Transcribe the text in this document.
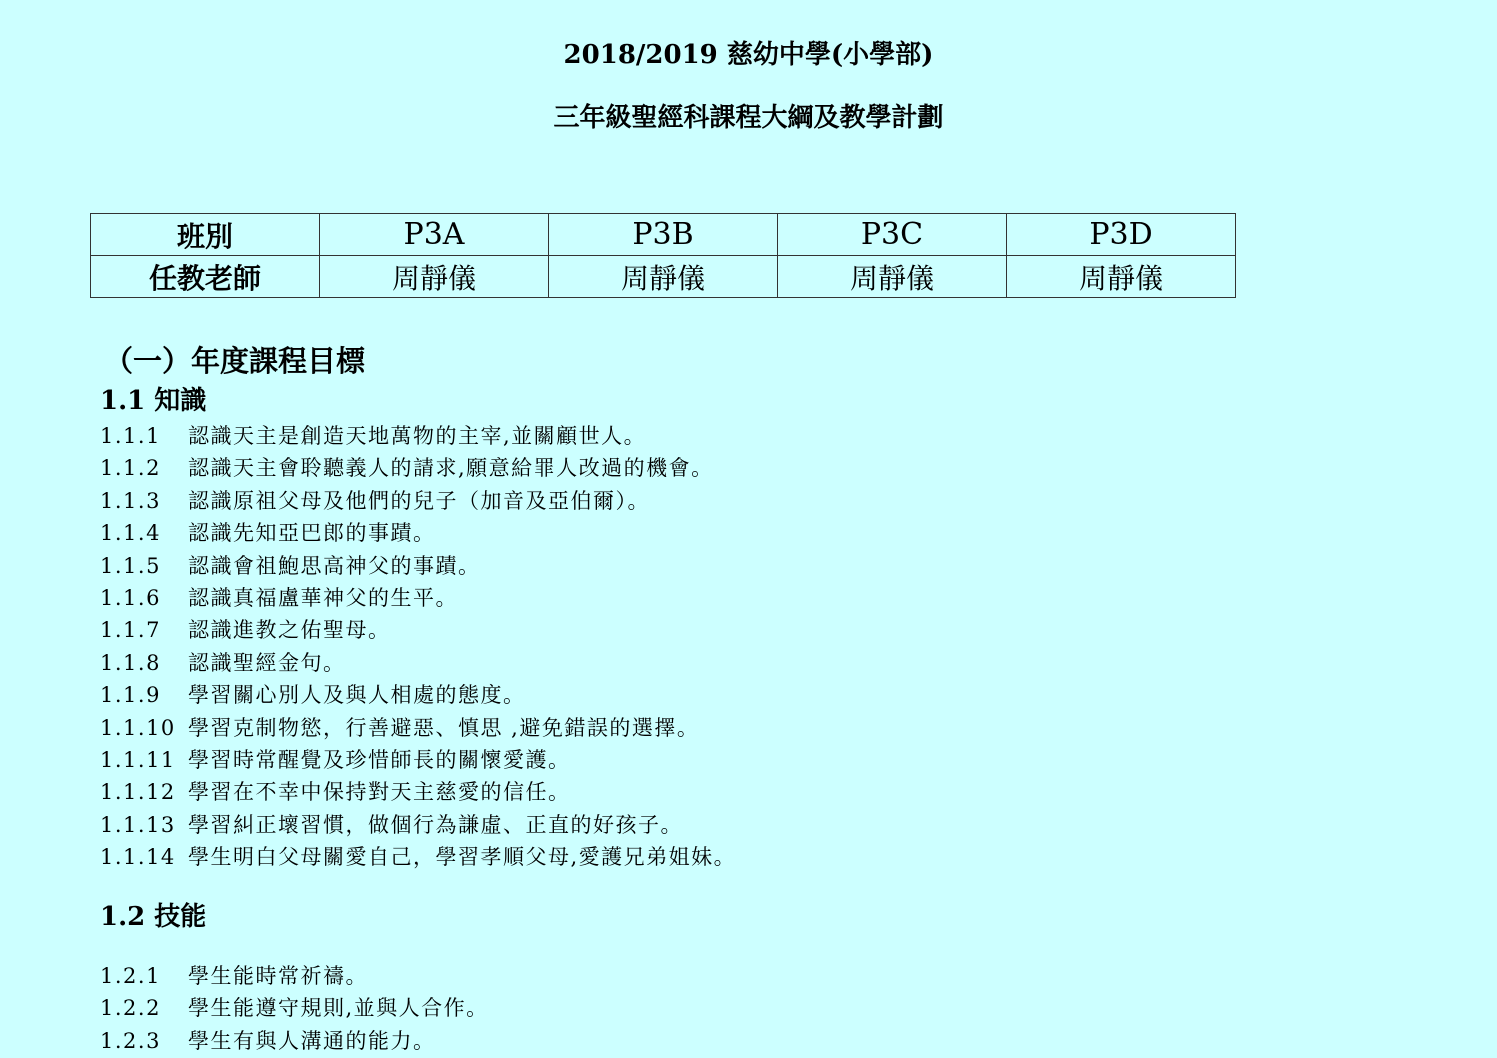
2018/2019 慈幼中學(小學部)
三年級聖經科課程大綱及教學計劃
班別	P3A	P3B	P3C	P3D
任教老師	周靜儀	周靜儀	周靜儀	周靜儀
（一）年度課程目標
1.1 知識
1.1.1 認識天主是創造天地萬物的主宰,並關顧世人。
1.1.2 認識天主會聆聽義人的請求,願意給罪人改過的機會。
1.1.3 認識原祖父母及他們的兒子（加音及亞伯爾）。
1.1.4 認識先知亞巴郎的事蹟。
1.1.5 認識會祖鮑思高神父的事蹟。
1.1.6 認識真福盧華神父的生平。
1.1.7 認識進教之佑聖母。
1.1.8 認識聖經金句。
1.1.9 學習關心別人及與人相處的態度。
1.1.10 學習克制物慾，行善避惡、慎思 ,避免錯誤的選擇。
1.1.11 學習時常醒覺及珍惜師長的關懷愛護。
1.1.12 學習在不幸中保持對天主慈愛的信任。
1.1.13 學習糾正壞習慣，做個行為謙虛、正直的好孩子。
1.1.14 學生明白父母關愛自己，學習孝順父母,愛護兄弟姐妹。
1.2 技能
1.2.1 學生能時常祈禱。
1.2.2 學生能遵守規則,並與人合作。
1.2.3 學生有與人溝通的能力。
